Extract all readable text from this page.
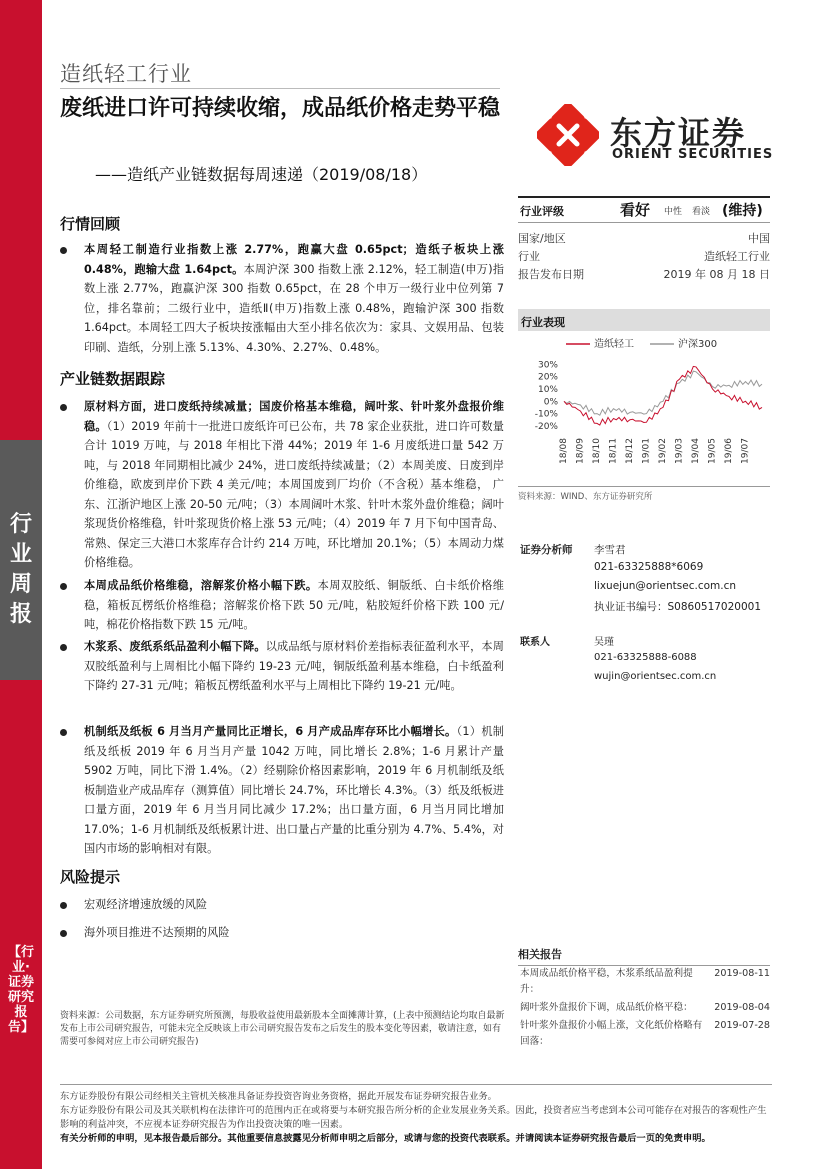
行业周报
【行业·证券研究报告】
造纸轻工行业
废纸进口许可持续收缩，成品纸价格走势平稳
——造纸产业链数据每周速递（2019/08/18）
东方证券
ORIENT SECURITIES
行情回顾
本周轻工制造行业指数上涨 2.77%，跑赢大盘 0.65pct；造纸子板块上涨 0.48%，跑输大盘 1.64pct。本周沪深 300 指数上涨 2.12%，轻工制造(申万)指数上涨 2.77%，跑赢沪深 300 指数 0.65pct，在 28 个申万一级行业中位列第 7 位，排名靠前；二级行业中，造纸Ⅱ(申万)指数上涨 0.48%，跑输沪深 300 指数 1.64pct。本周轻工四大子板块按涨幅由大至小排名依次为：家具、文娱用品、包装印刷、造纸，分别上涨 5.13%、4.30%、2.27%、0.48%。
产业链数据跟踪
原材料方面，进口废纸持续减量；国废价格基本维稳，阔叶浆、针叶浆外盘报价维稳。（1）2019 年前十一批进口废纸许可已公布，共 78 家企业获批，进口许可数量合计 1019 万吨，与 2018 年相比下滑 44%；2019 年 1-6 月废纸进口量 542 万吨，与 2018 年同期相比减少 24%，进口废纸持续减量；（2）本周美废、日废到岸价维稳，欧废到岸价下跌 4 美元/吨；本周国废到厂均价（不含税）基本维稳， 广东、江浙沪地区上涨 20-50 元/吨；（3）本周阔叶木浆、针叶木浆外盘价维稳；阔叶浆现货价格维稳，针叶浆现货价格上涨 53 元/吨；（4）2019 年 7 月下旬中国青岛、常熟、保定三大港口木浆库存合计约 214 万吨，环比增加 20.1%；（5）本周动力煤价格维稳。
本周成品纸价格维稳，溶解浆价格小幅下跌。本周双胶纸、铜版纸、白卡纸价格维稳，箱板瓦楞纸价格维稳；溶解浆价格下跌 50 元/吨，粘胶短纤价格下跌 100 元/吨，棉花价格指数下跌 15 元/吨。
木浆系、废纸系纸品盈利小幅下降。以成品纸与原材料价差指标表征盈利水平，本周双胶纸盈利与上周相比小幅下降约 19-23 元/吨，铜版纸盈利基本维稳，白卡纸盈利下降约 27-31 元/吨；箱板瓦楞纸盈利水平与上周相比下降约 19-21 元/吨。
机制纸及纸板 6 月当月产量同比正增长，6 月产成品库存环比小幅增长。（1）机制纸及纸板 2019 年 6 月当月产量 1042 万吨，同比增长 2.8%；1-6 月累计产量 5902 万吨，同比下滑 1.4%。（2）经剔除价格因素影响，2019 年 6 月机制纸及纸板制造业产成品库存（测算值）同比增长 24.7%，环比增长 4.3%。（3）纸及纸板进口量方面，2019 年 6 月当月同比减少 17.2%；出口量方面，6 月当月同比增加 17.0%；1-6 月机制纸及纸板累计进、出口量占产量的比重分别为 4.7%、5.4%，对国内市场的影响相对有限。
风险提示
宏观经济增速放缓的风险
海外项目推进不达预期的风险
行业评级	看好 中性 看淡 (维持)
国家/地区	中国
行业	造纸轻工行业
报告发布日期	2019 年 08 月 18 日
行业表现
造纸轻工	沪深300
30%
20%
10%
0%
-10%
-20%
18/08 18/09 18/10 18/11 18/12 19/01 19/02 19/03 19/04 19/05 19/06 19/07
资料来源：WIND、东方证券研究所
证券分析师 李雪君
021-63325888*6069
lixuejun@orientsec.com.cn
执业证书编号：S0860517020001
联系人	吴瑾
021-63325888-6088
wujin@orientsec.com.cn
相关报告
本周成品纸价格平稳，木浆系纸品盈利提升：
2019-08-11
阔叶浆外盘报价下调，成品纸价格平稳：	2019-08-04
针叶浆外盘报价小幅上涨，文化纸价格略有回落：
2019-07-28
资料来源：公司数据，东方证券研究所预测，每股收益使用最新股本全面摊薄计算，(上表中预测结论均取自最新发布上市公司研究报告，可能未完全反映该上市公司研究报告发布之后发生的股本变化等因素，敬请注意，如有需要可参阅对应上市公司研究报告)
东方证券股份有限公司经相关主管机关核准具备证券投资咨询业务资格，据此开展发布证券研究报告业务。
东方证券股份有限公司及其关联机构在法律许可的范围内正在或将要与本研究报告所分析的企业发展业务关系。因此，投资者应当考虑到本公司可能存在对报告的客观性产生影响的利益冲突，不应视本证券研究报告为作出投资决策的唯一因素。
有关分析师的申明，见本报告最后部分。其他重要信息披露见分析师申明之后部分，或请与您的投资代表联系。并请阅读本证券研究报告最后一页的免责申明。
